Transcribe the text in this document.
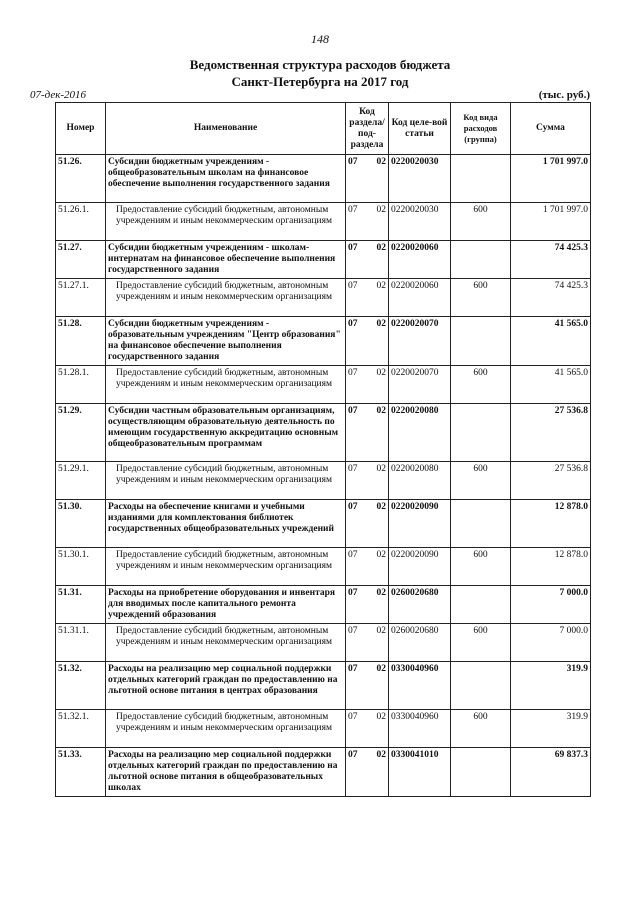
148
Ведомственная структура расходов бюджета
Санкт-Петербурга на 2017 год
07-дек-2016	(тыс. руб.)
Номер	Наименование	Код раздела/ под-раздела	Код целе-вой статьи	Код вида расходов (группа)	Сумма
51.26.	Субсидии бюджетным учреждениям - общеобразовательным школам на финансовое обеспечение выполнения государственного задания	07 02	0220020030		1 701 997.0
51.26.1.	Предоставление субсидий бюджетным, автономным учреждениям и иным некоммерческим организациям	07 02	0220020030	600	1 701 997.0
51.27.	Субсидии бюджетным учреждениям - школам-интернатам на финансовое обеспечение выполнения государственного задания	07 02	0220020060		74 425.3
51.27.1.	Предоставление субсидий бюджетным, автономным учреждениям и иным некоммерческим организациям	07 02	0220020060	600	74 425.3
51.28.	Субсидии бюджетным учреждениям - образовательным учреждениям "Центр образования" на финансовое обеспечение выполнения государственного задания	07 02	0220020070		41 565.0
51.28.1.	Предоставление субсидий бюджетным, автономным учреждениям и иным некоммерческим организациям	07 02	0220020070	600	41 565.0
51.29.	Субсидии частным образовательным организациям, осуществляющим образовательную деятельность по имеющим государственную аккредитацию основным общеобразовательным программам	07 02	0220020080		27 536.8
51.29.1.	Предоставление субсидий бюджетным, автономным учреждениям и иным некоммерческим организациям	07 02	0220020080	600	27 536.8
51.30.	Расходы на обеспечение книгами и учебными изданиями для комплектования библиотек государственных общеобразовательных учреждений	07 02	0220020090		12 878.0
51.30.1.	Предоставление субсидий бюджетным, автономным учреждениям и иным некоммерческим организациям	07 02	0220020090	600	12 878.0
51.31.	Расходы на приобретение оборудования и инвентаря для вводимых после капитального ремонта учреждений образования	07 02	0260020680		7 000.0
51.31.1.	Предоставление субсидий бюджетным, автономным учреждениям и иным некоммерческим организациям	07 02	0260020680	600	7 000.0
51.32.	Расходы на реализацию мер социальной поддержки отдельных категорий граждан по предоставлению на льготной основе питания в центрах образования	07 02	0330040960		319.9
51.32.1.	Предоставление субсидий бюджетным, автономным учреждениям и иным некоммерческим организациям	07 02	0330040960	600	319.9
51.33.	Расходы на реализацию мер социальной поддержки отдельных категорий граждан по предоставлению на льготной основе питания в общеобразовательных школах	07 02	0330041010		69 837.3
